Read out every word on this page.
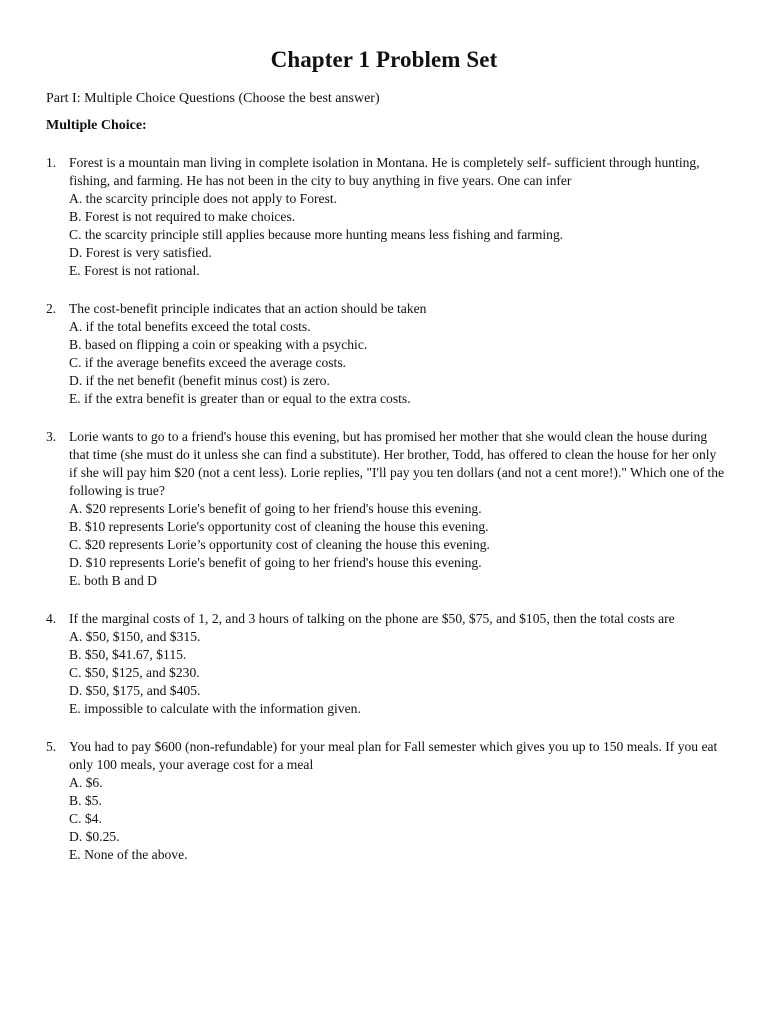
Chapter 1 Problem Set
Part I: Multiple Choice Questions (Choose the best answer)
Multiple Choice:
1. Forest is a mountain man living in complete isolation in Montana. He is completely self- sufficient through hunting, fishing, and farming. He has not been in the city to buy anything in five years. One can infer
A. the scarcity principle does not apply to Forest.
B. Forest is not required to make choices.
C. the scarcity principle still applies because more hunting means less fishing and farming.
D. Forest is very satisfied.
E. Forest is not rational.
2. The cost-benefit principle indicates that an action should be taken
A. if the total benefits exceed the total costs.
B. based on flipping a coin or speaking with a psychic.
C. if the average benefits exceed the average costs.
D. if the net benefit (benefit minus cost) is zero.
E. if the extra benefit is greater than or equal to the extra costs.
3. Lorie wants to go to a friend's house this evening, but has promised her mother that she would clean the house during that time (she must do it unless she can find a substitute). Her brother, Todd, has offered to clean the house for her only if she will pay him $20 (not a cent less). Lorie replies, "I'll pay you ten dollars (and not a cent more!)." Which one of the following is true?
A. $20 represents Lorie's benefit of going to her friend's house this evening.
B. $10 represents Lorie's opportunity cost of cleaning the house this evening.
C. $20 represents Lorie’s opportunity cost of cleaning the house this evening.
D. $10 represents Lorie's benefit of going to her friend's house this evening.
E. both B and D
4. If the marginal costs of 1, 2, and 3 hours of talking on the phone are $50, $75, and $105, then the total costs are
A. $50, $150, and $315.
B. $50, $41.67, $115.
C. $50, $125, and $230.
D. $50, $175, and $405.
E. impossible to calculate with the information given.
5. You had to pay $600 (non-refundable) for your meal plan for Fall semester which gives you up to 150 meals. If you eat only 100 meals, your average cost for a meal
A. $6.
B. $5.
C. $4.
D. $0.25.
E. None of the above.
